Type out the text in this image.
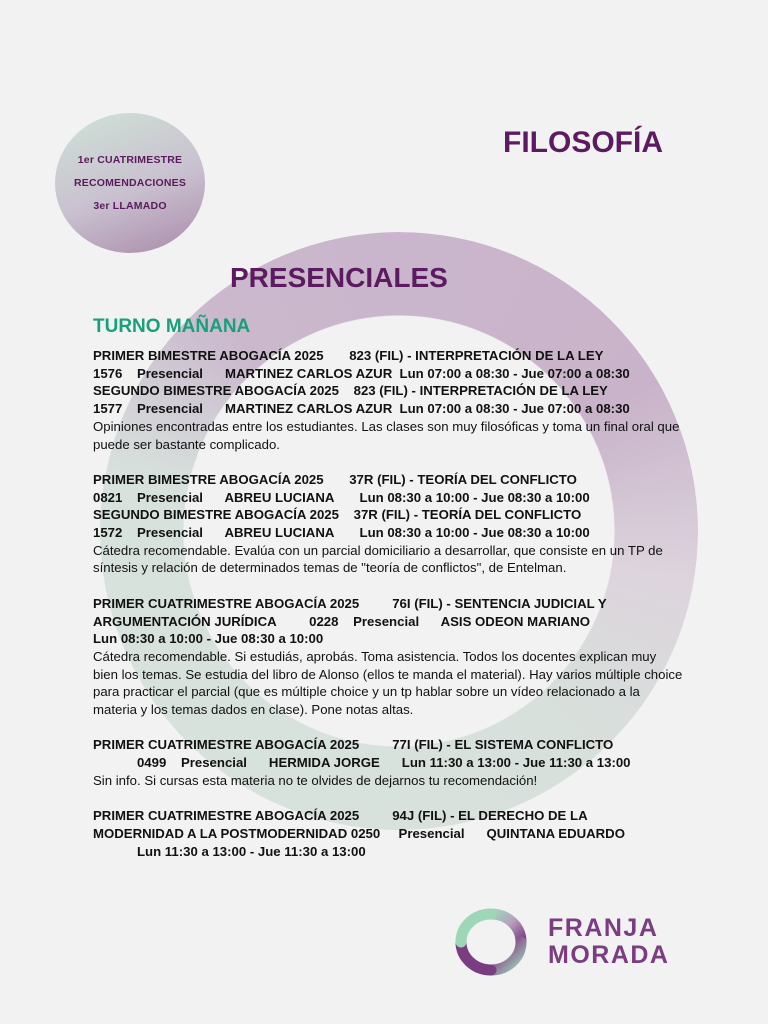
1er CUATRIMESTRE
RECOMENDACIONES
3er LLAMADO
FILOSOFÍA
PRESENCIALES
TURNO MAÑANA
PRIMER BIMESTRE ABOGACÍA 2025       823 (FIL) - INTERPRETACIÓN DE LA LEY
1576    Presencial      MARTINEZ CARLOS AZUR  Lun 07:00 a 08:30 - Jue 07:00 a 08:30
SEGUNDO BIMESTRE ABOGACÍA 2025    823 (FIL) - INTERPRETACIÓN DE LA LEY
1577    Presencial      MARTINEZ CARLOS AZUR  Lun 07:00 a 08:30 - Jue 07:00 a 08:30
Opiniones encontradas entre los estudiantes. Las clases son muy filosóficas y toma un final oral que puede ser bastante complicado.
PRIMER BIMESTRE ABOGACÍA 2025       37R (FIL) - TEORÍA DEL CONFLICTO
0821    Presencial      ABREU LUCIANA       Lun 08:30 a 10:00 - Jue 08:30 a 10:00
SEGUNDO BIMESTRE ABOGACÍA 2025    37R (FIL) - TEORÍA DEL CONFLICTO
1572    Presencial      ABREU LUCIANA       Lun 08:30 a 10:00 - Jue 08:30 a 10:00
Cátedra recomendable. Evalúa con un parcial domiciliario a desarrollar, que consiste en un TP de síntesis y relación de determinados temas de "teoría de conflictos", de Entelman.
PRIMER CUATRIMESTRE ABOGACÍA 2025         76I (FIL) - SENTENCIA JUDICIAL Y
ARGUMENTACIÓN JURÍDICA         0228    Presencial      ASIS ODEON MARIANO
Lun 08:30 a 10:00 - Jue 08:30 a 10:00
Cátedra recomendable. Si estudiás, aprobás. Toma asistencia. Todos los docentes explican muy bien los temas. Se estudia del libro de Alonso (ellos te manda el material). Hay varios múltiple choice para practicar el parcial (que es múltiple choice y un tp hablar sobre un vídeo relacionado a la materia y los temas dados en clase). Pone notas altas.
PRIMER CUATRIMESTRE ABOGACÍA 2025         77I (FIL) - EL SISTEMA CONFLICTO
0499    Presencial      HERMIDA JORGE      Lun 11:30 a 13:00 - Jue 11:30 a 13:00
Sin info. Si cursas esta materia no te olvides de dejarnos tu recomendación!
PRIMER CUATRIMESTRE ABOGACÍA 2025         94J (FIL) - EL DERECHO DE LA
MODERNIDAD A LA POSTMODERNIDAD 0250     Presencial      QUINTANA EDUARDO
Lun 11:30 a 13:00 - Jue 11:30 a 13:00
FRANJA
MORADA
